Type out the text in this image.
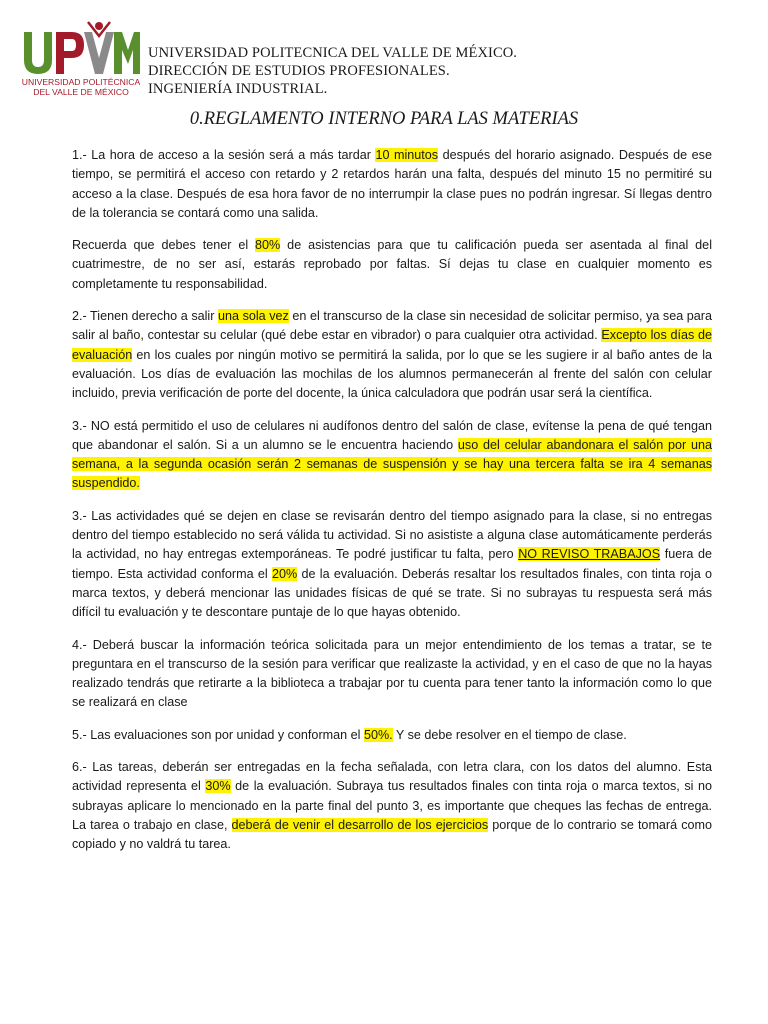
UNIVERSIDAD POLITÉCNICA
DEL VALLE DE MÉXICO
UNIVERSIDAD POLITECNICA DEL VALLE DE MÉXICO.
DIRECCIÓN DE ESTUDIOS PROFESIONALES.
INGENIERÍA INDUSTRIAL.
0.REGLAMENTO INTERNO PARA LAS MATERIAS

1.- La hora de acceso a la sesión será a más tardar 10 minutos después del horario asignado. Después de ese tiempo, se permitirá el acceso con retardo y 2 retardos harán una falta, después del minuto 15 no permitiré su acceso a la clase. Después de esa hora favor de no interrumpir la clase pues no podrán ingresar. Sí llegas dentro de la tolerancia se contará como una salida.

Recuerda que debes tener el 80% de asistencias para que tu calificación pueda ser asentada al final del cuatrimestre, de no ser así, estarás reprobado por faltas. Sí dejas tu clase en cualquier momento es completamente tu responsabilidad.

2.- Tienen derecho a salir una sola vez en el transcurso de la clase sin necesidad de solicitar permiso, ya sea para salir al baño, contestar su celular (qué debe estar en vibrador) o para cualquier otra actividad. Excepto los días de evaluación en los cuales por ningún motivo se permitirá la salida, por lo que se les sugiere ir al baño antes de la evaluación. Los días de evaluación las mochilas de los alumnos permanecerán al frente del salón con celular incluido, previa verificación de porte del docente, la única calculadora que podrán usar será la científica.

3.- NO está permitido el uso de celulares ni audífonos dentro del salón de clase, evítense la pena de qué tengan que abandonar el salón. Si a un alumno se le encuentra haciendo uso del celular abandonara el salón por una semana, a la segunda ocasión serán 2 semanas de suspensión y se hay una tercera falta se ira 4 semanas suspendido.

3.- Las actividades qué se dejen en clase se revisarán dentro del tiempo asignado para la clase, si no entregas dentro del tiempo establecido no será válida tu actividad. Si no asististe a alguna clase automáticamente perderás la actividad, no hay entregas extemporáneas. Te podré justificar tu falta, pero NO REVISO TRABAJOS fuera de tiempo. Esta actividad conforma el 20% de la evaluación. Deberás resaltar los resultados finales, con tinta roja o marca textos, y deberá mencionar las unidades físicas de qué se trate. Si no subrayas tu respuesta será más difícil tu evaluación y te descontare puntaje de lo que hayas obtenido.

4.- Deberá buscar la información teórica solicitada para un mejor entendimiento de los temas a tratar, se te preguntara en el transcurso de la sesión para verificar que realizaste la actividad, y en el caso de que no la hayas realizado tendrás que retirarte a la biblioteca a trabajar por tu cuenta para tener tanto la información como lo que se realizará en clase

5.- Las evaluaciones son por unidad y conforman el 50%. Y se debe resolver en el tiempo de clase.

6.- Las tareas, deberán ser entregadas en la fecha señalada, con letra clara, con los datos del alumno. Esta actividad representa el 30% de la evaluación. Subraya tus resultados finales con tinta roja o marca textos, si no subrayas aplicare lo mencionado en la parte final del punto 3, es importante que cheques las fechas de entrega. La tarea o trabajo en clase, deberá de venir el desarrollo de los ejercicios porque de lo contrario se tomará como copiado y no valdrá tu tarea.
